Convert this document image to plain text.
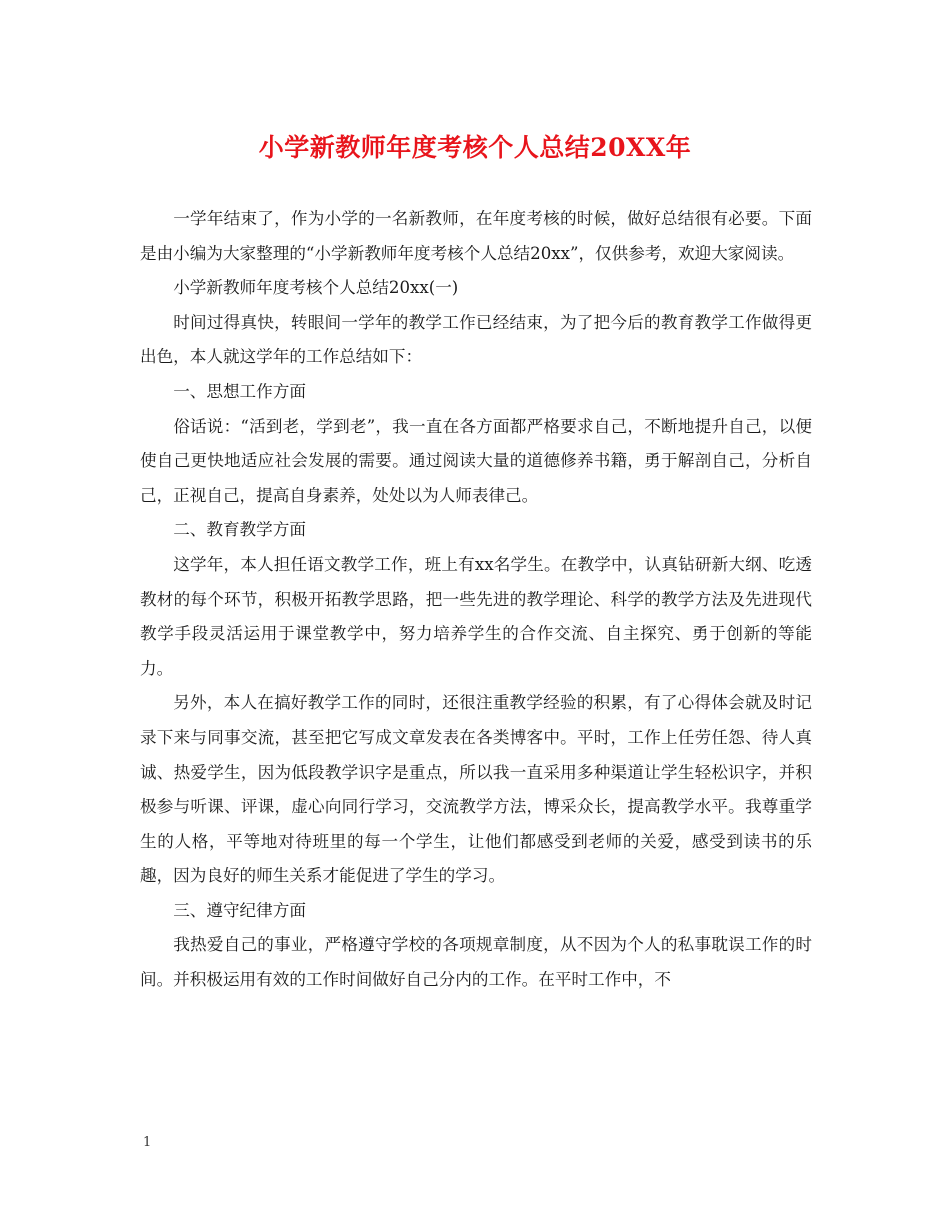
小学新教师年度考核个人总结20XX年

一学年结束了，作为小学的一名新教师，在年度考核的时候，做好总结很有必要。下面是由小编为大家整理的“小学新教师年度考核个人总结20xx”，仅供参考，欢迎大家阅读。

小学新教师年度考核个人总结20xx(一)

时间过得真快，转眼间一学年的教学工作已经结束，为了把今后的教育教学工作做得更出色，本人就这学年的工作总结如下：

一、思想工作方面

俗话说：“活到老，学到老”，我一直在各方面都严格要求自己，不断地提升自己，以便使自己更快地适应社会发展的需要。通过阅读大量的道德修养书籍，勇于解剖自己，分析自己，正视自己，提高自身素养，处处以为人师表律己。

二、教育教学方面

这学年，本人担任语文教学工作，班上有xx名学生。在教学中，认真钻研新大纲、吃透教材的每个环节，积极开拓教学思路，把一些先进的教学理论、科学的教学方法及先进现代教学手段灵活运用于课堂教学中，努力培养学生的合作交流、自主探究、勇于创新的等能力。

另外，本人在搞好教学工作的同时，还很注重教学经验的积累，有了心得体会就及时记录下来与同事交流，甚至把它写成文章发表在各类博客中。平时，工作上任劳任怨、待人真诚、热爱学生，因为低段教学识字是重点，所以我一直采用多种渠道让学生轻松识字，并积极参与听课、评课，虚心向同行学习，交流教学方法，博采众长，提高教学水平。我尊重学生的人格，平等地对待班里的每一个学生，让他们都感受到老师的关爱，感受到读书的乐趣，因为良好的师生关系才能促进了学生的学习。

三、遵守纪律方面

我热爱自己的事业，严格遵守学校的各项规章制度，从不因为个人的私事耽误工作的时间。并积极运用有效的工作时间做好自己分内的工作。在平时工作中，不

1
